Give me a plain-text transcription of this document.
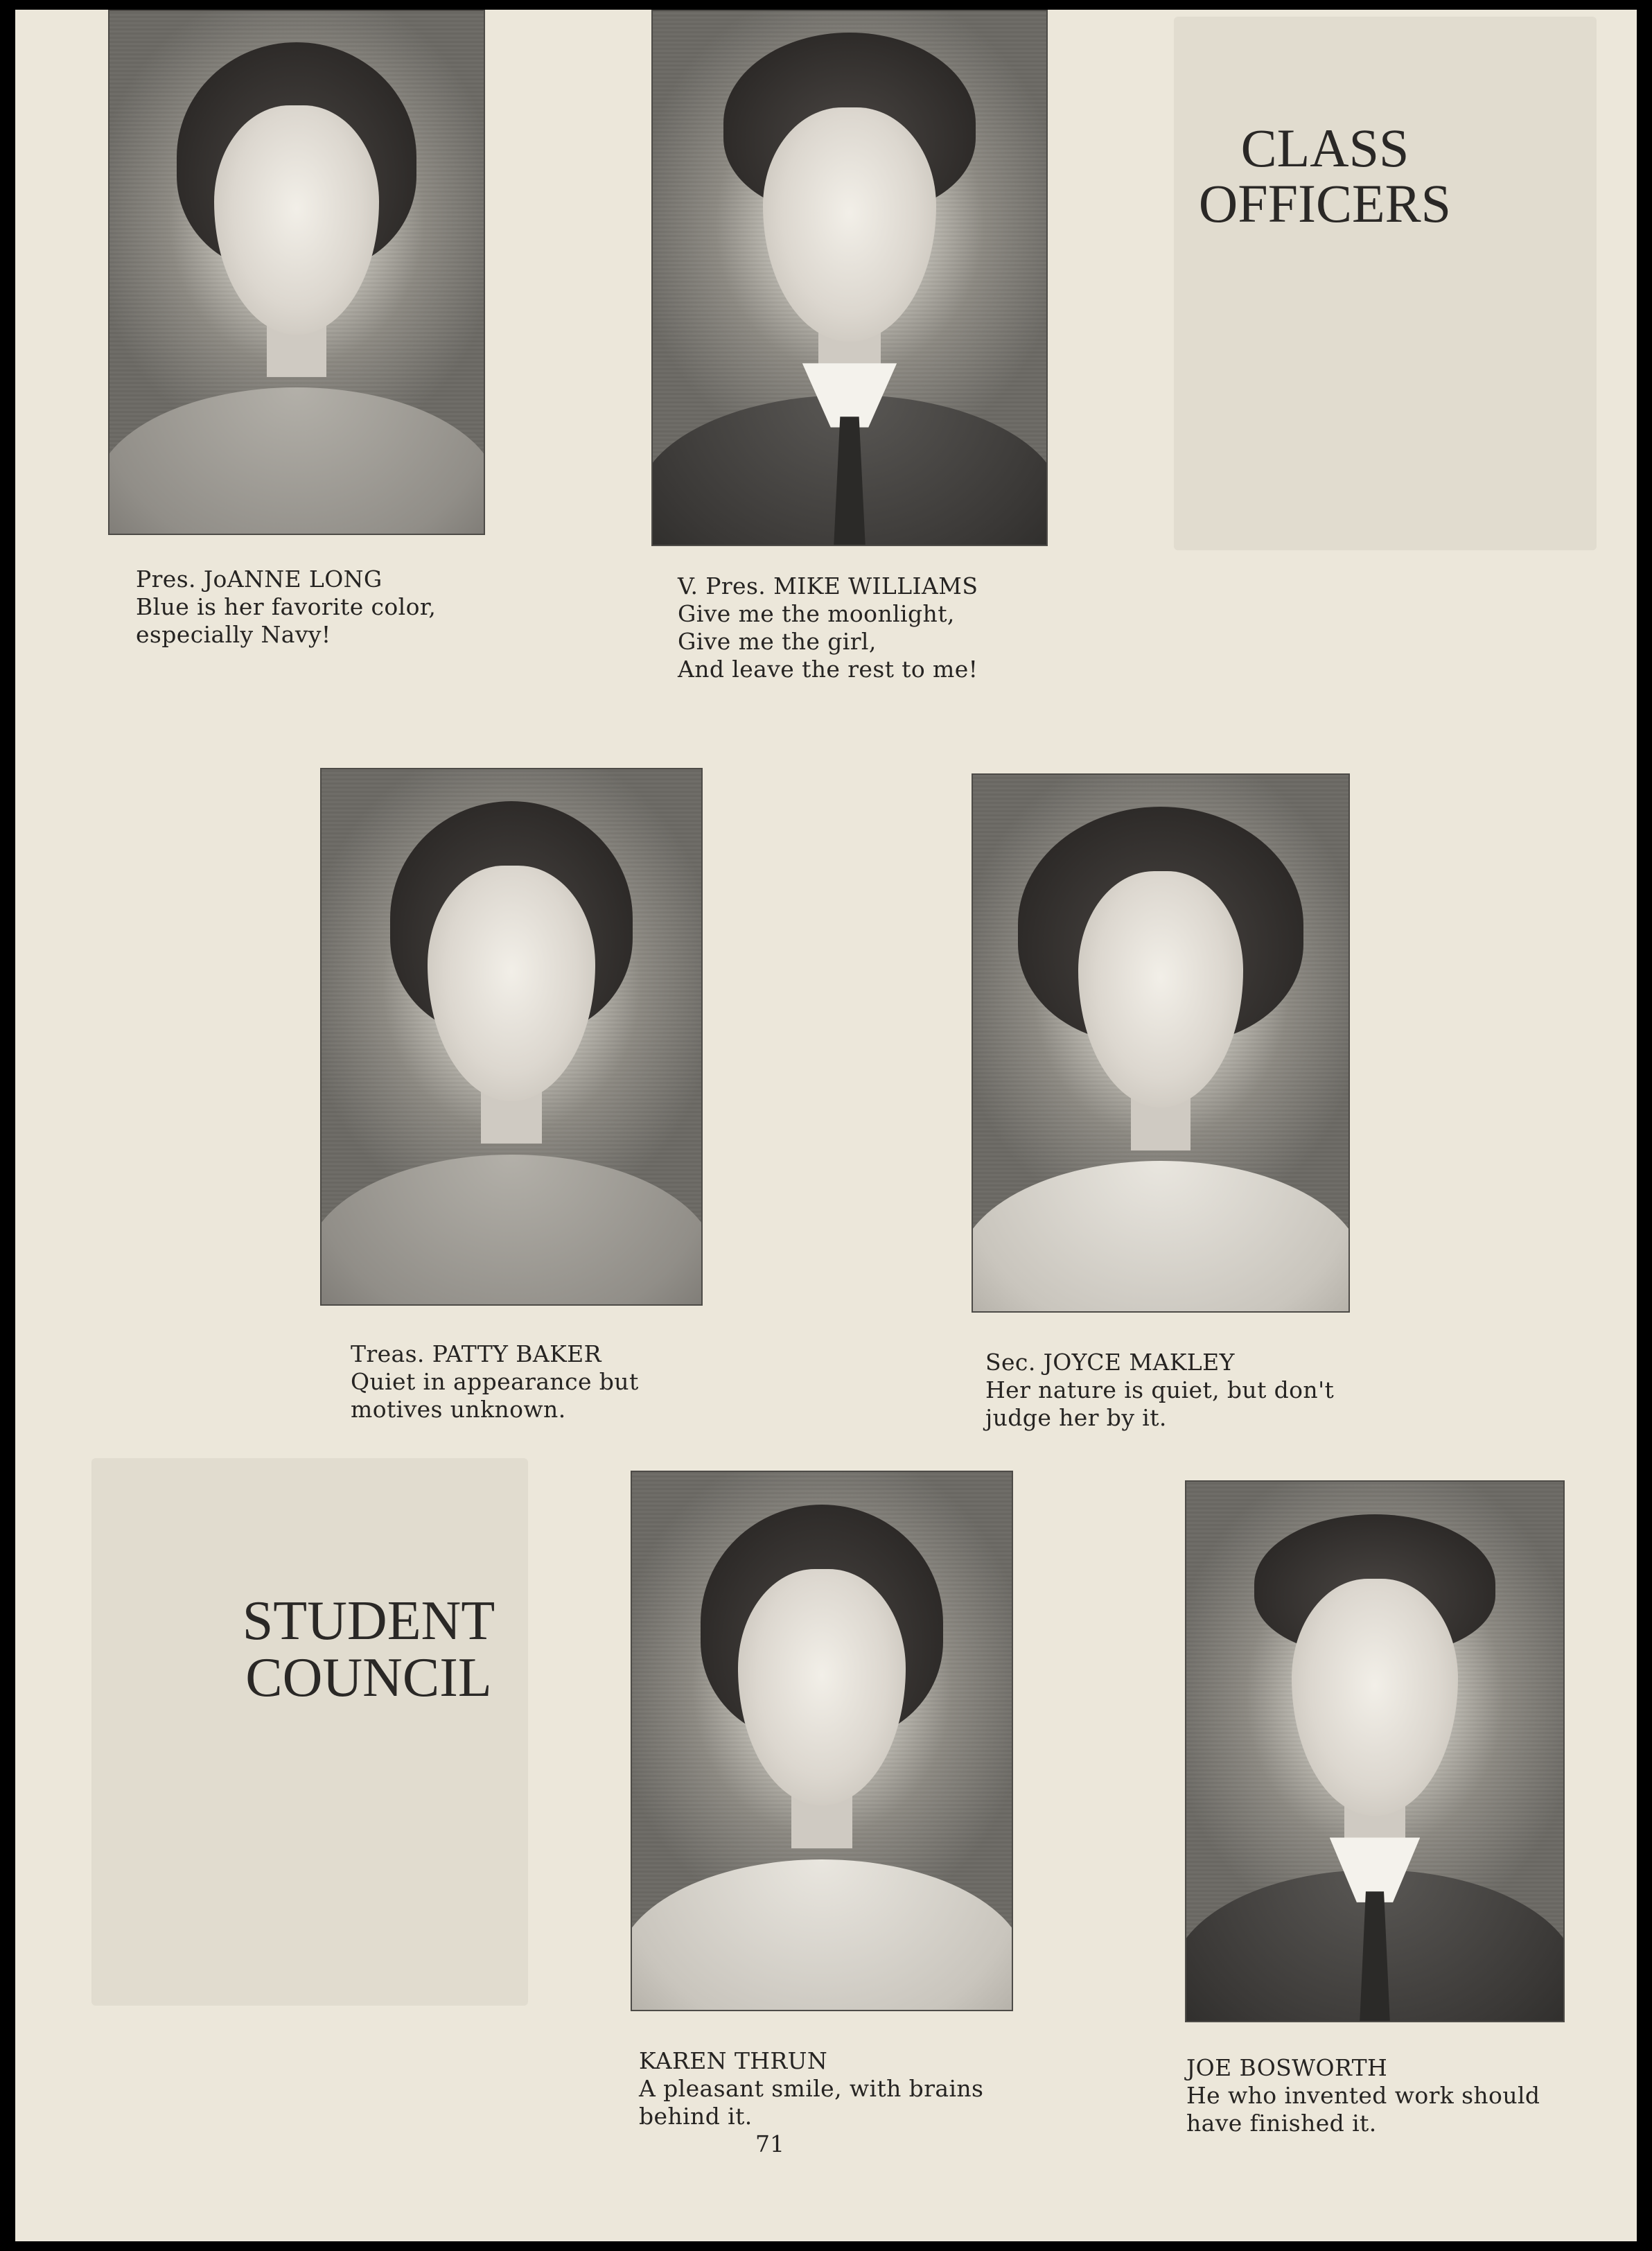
CLASS
OFFICERS
STUDENT
COUNCIL
Pres. JoANNE LONG
Blue is her favorite color,
especially Navy!
V. Pres. MIKE WILLIAMS
Give me the moonlight,
Give me the girl,
And leave the rest to me!
Treas. PATTY BAKER
Quiet in appearance but
motives unknown.
Sec. JOYCE MAKLEY
Her nature is quiet, but don't
judge her by it.
KAREN THRUN
A pleasant smile, with brains
behind it.
JOE BOSWORTH
He who invented work should
have finished it.
71
